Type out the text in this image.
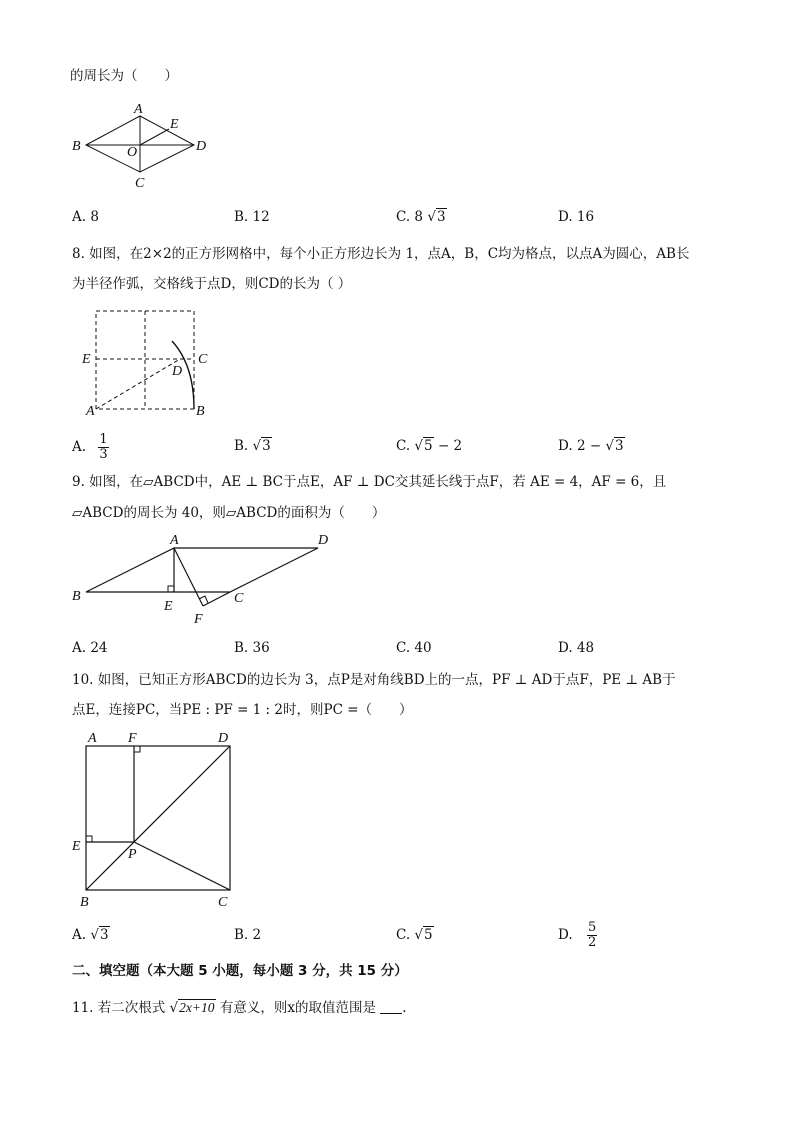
的周长为（　　）
A
B
C
D
E
O
A. 8	B. 12	C. 8 √3	D. 16
8. 如图，在2×2的正方形网格中，每个小正方形边长为 1，点A，B，C均为格点，以点A为圆心，AB长
为半径作弧，交格线于点D，则CD的长为（ ）
E	C
D
A	B
A. $\frac{1}{3}$	B. √3	C. √5 − 2	D. 2 − √3
9. 如图，在▱ABCD中，AE ⊥ BC于点E，AF ⊥ DC交其延长线于点F，若 AE = 4，AF = 6，且
▱ABCD的周长为 40，则▱ABCD的面积为（　　）
A	D
B
E
C
F
A. 24	B. 36	C. 40	D. 48
10. 如图，已知正方形ABCD的边长为 3，点P是对角线BD上的一点，PF ⊥ AD于点F，PE ⊥ AB于
点E，连接PC，当PE : PF = 1 : 2时，则PC =（　　）
A F	D
E
P
B	C
A. √3	B. 2	C. √5	D. $\frac{5}{2}$
二、填空题（本大题 5 小题，每小题 3 分，共 15 分）
11. 若二次根式 √2x+10 有意义，则x的取值范围是 .
